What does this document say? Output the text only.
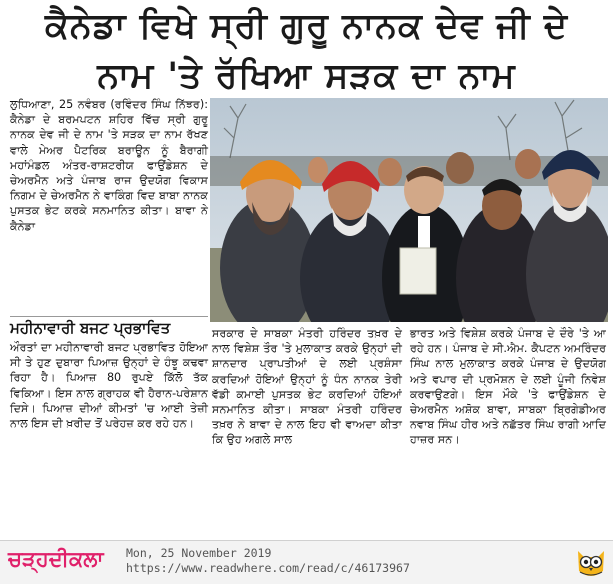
ਕੈਨੇਡਾ ਵਿਖੇ ਸ੍ਰੀ ਗੁਰੂ ਨਾਨਕ ਦੇਵ ਜੀ ਦੇ
ਨਾਮ 'ਤੇ ਰੱਖਿਆ ਸੜਕ ਦਾ ਨਾਮ

ਲੁਧਿਆਣਾ, 25 ਨਵੰਬਰ (ਰਵਿੰਦਰ ਸਿੰਘ ਨਿੱਝਰ): ਕੈਨੇਡਾ ਦੇ ਬਰਮਪਟਨ ਸ਼ਹਿਰ ਵਿੱਚ ਸ੍ਰੀ ਗੁਰੂ ਨਾਨਕ ਦੇਵ ਜੀ ਦੇ ਨਾਮ 'ਤੇ ਸੜਕ ਦਾ ਨਾਮ ਰੱਖਣ ਵਾਲੇ ਮੇਅਰ ਪੈਟਰਿਕ ਬਰਾਊਨ ਨੂੰ ਬੈਰਾਗੀ ਮਹਾਂਮੰਡਲ ਅੰਤਰ-ਰਾਸ਼ਟਰੀਯ ਫਾਉਂਡੇਸ਼ਨ ਦੇ ਚੇਅਰਮੈਨ ਅਤੇ ਪੰਜਾਬ ਰਾਜ ਉਦਯੋਗ ਵਿਕਾਸ ਨਿਗਮ ਦੇ ਚੇਅਰਮੈਨ ਨੇ ਵਾਕਿੰਗ ਵਿਦ ਬਾਬਾ ਨਾਨਕ ਪੁਸਤਕ ਭੇਟ ਕਰਕੇ ਸਨਮਾਨਿਤ ਕੀਤਾ। ਬਾਵਾ ਨੇ ਕੈਨੇਡਾ

ਮਹੀਨਾਵਾਰੀ ਬਜਟ ਪ੍ਰਭਾਵਿਤ

ਔਰਤਾਂ ਦਾ ਮਹੀਨਾਵਾਰੀ ਬਜਟ ਪ੍ਰਭਾਵਿਤ ਹੋਇਆ ਸੀ ਤੇ ਹੁਣ ਦੁਬਾਰਾ ਪਿਆਜ਼ ਉਨ੍ਹਾਂ ਦੇ ਹੰਝੂ ਕਢਵਾ ਰਿਹਾ ਹੈ। ਪਿਆਜ਼ 80 ਰੁਪਏ ਕਿੱਲੋ ਤੱਕ ਵਿਕਿਆ। ਇਸ ਨਾਲ ਗ੍ਰਾਹਕ ਵੀ ਹੈਰਾਨ-ਪਰੇਸ਼ਾਨ ਦਿਸੇ। ਪਿਆਜ਼ ਦੀਆਂ ਕੀਮਤਾਂ 'ਚ ਆਈ ਤੇਜ਼ੀ ਨਾਲ ਇਸ ਦੀ ਖ਼ਰੀਦ ਤੋਂ ਪਰੇਹਜ਼ ਕਰ ਰਹੇ ਹਨ।

ਸਰਕਾਰ ਦੇ ਸਾਬਕਾ ਮੰਤਰੀ ਹਰਿੰਦਰ ਤਖ਼ਰ ਦੇ ਨਾਲ ਵਿਸ਼ੇਸ਼ ਤੌਰ 'ਤੇ ਮੁਲਾਕਾਤ ਕਰਕੇ ਉਨ੍ਹਾਂ ਦੀ ਸ਼ਾਨਦਾਰ ਪ੍ਰਾਪਤੀਆਂ ਦੇ ਲਈ ਪ੍ਰਸ਼ੰਸਾ ਕਰਦਿਆਂ ਹੋਇਆਂ ਉਨ੍ਹਾਂ ਨੂੰ ਧੰਨ ਨਾਨਕ ਤੇਰੀ ਵੱਡੀ ਕਮਾਈ ਪੁਸਤਕ ਭੇਟ ਕਰਦਿਆਂ ਹੋਇਆਂ ਸਨਮਾਨਿਤ ਕੀਤਾ। ਸਾਬਕਾ ਮੰਤਰੀ ਹਰਿੰਦਰ ਤਖ਼ਰ ਨੇ ਬਾਵਾ ਦੇ ਨਾਲ ਇਹ ਵੀ ਵਾਅਦਾ ਕੀਤਾ ਕਿ ਉਹ ਅਗਲੇ ਸਾਲ

ਭਾਰਤ ਅਤੇ ਵਿਸ਼ੇਸ਼ ਕਰਕੇ ਪੰਜਾਬ ਦੇ ਦੌਰੇ 'ਤੇ ਆ ਰਹੇ ਹਨ। ਪੰਜਾਬ ਦੇ ਸੀ.ਐਮ. ਕੈਪਟਨ ਅਮਰਿੰਦਰ ਸਿੰਘ ਨਾਲ ਮੁਲਾਕਾਤ ਕਰਕੇ ਪੰਜਾਬ ਦੇ ਉਦਯੋਗ ਅਤੇ ਵਪਾਰ ਦੀ ਪ੍ਰਮੋਸ਼ਨ ਦੇ ਲਈ ਪੂੰਜੀ ਨਿਵੇਸ਼ ਕਰਵਾਉਣਗੇ। ਇਸ ਮੌਕੇ 'ਤੇ ਫਾਉਂਡੇਸ਼ਨ ਦੇ ਚੇਅਰਮੈਨ ਅਸ਼ੋਕ ਬਾਵਾ, ਸਾਬਕਾ ਬ੍ਰਿਗੇਡੀਅਰ ਨਵਾਬ ਸਿੰਘ ਹੀਰ ਅਤੇ ਨਛੱਤਰ ਸਿੰਘ ਰਾਗੀ ਆਦਿ ਹਾਜ਼ਰ ਸਨ।

ਚੜ੍ਹਦੀਕਲਾ Mon, 25 November 2019
https://www.readwhere.com/read/c/46173967
